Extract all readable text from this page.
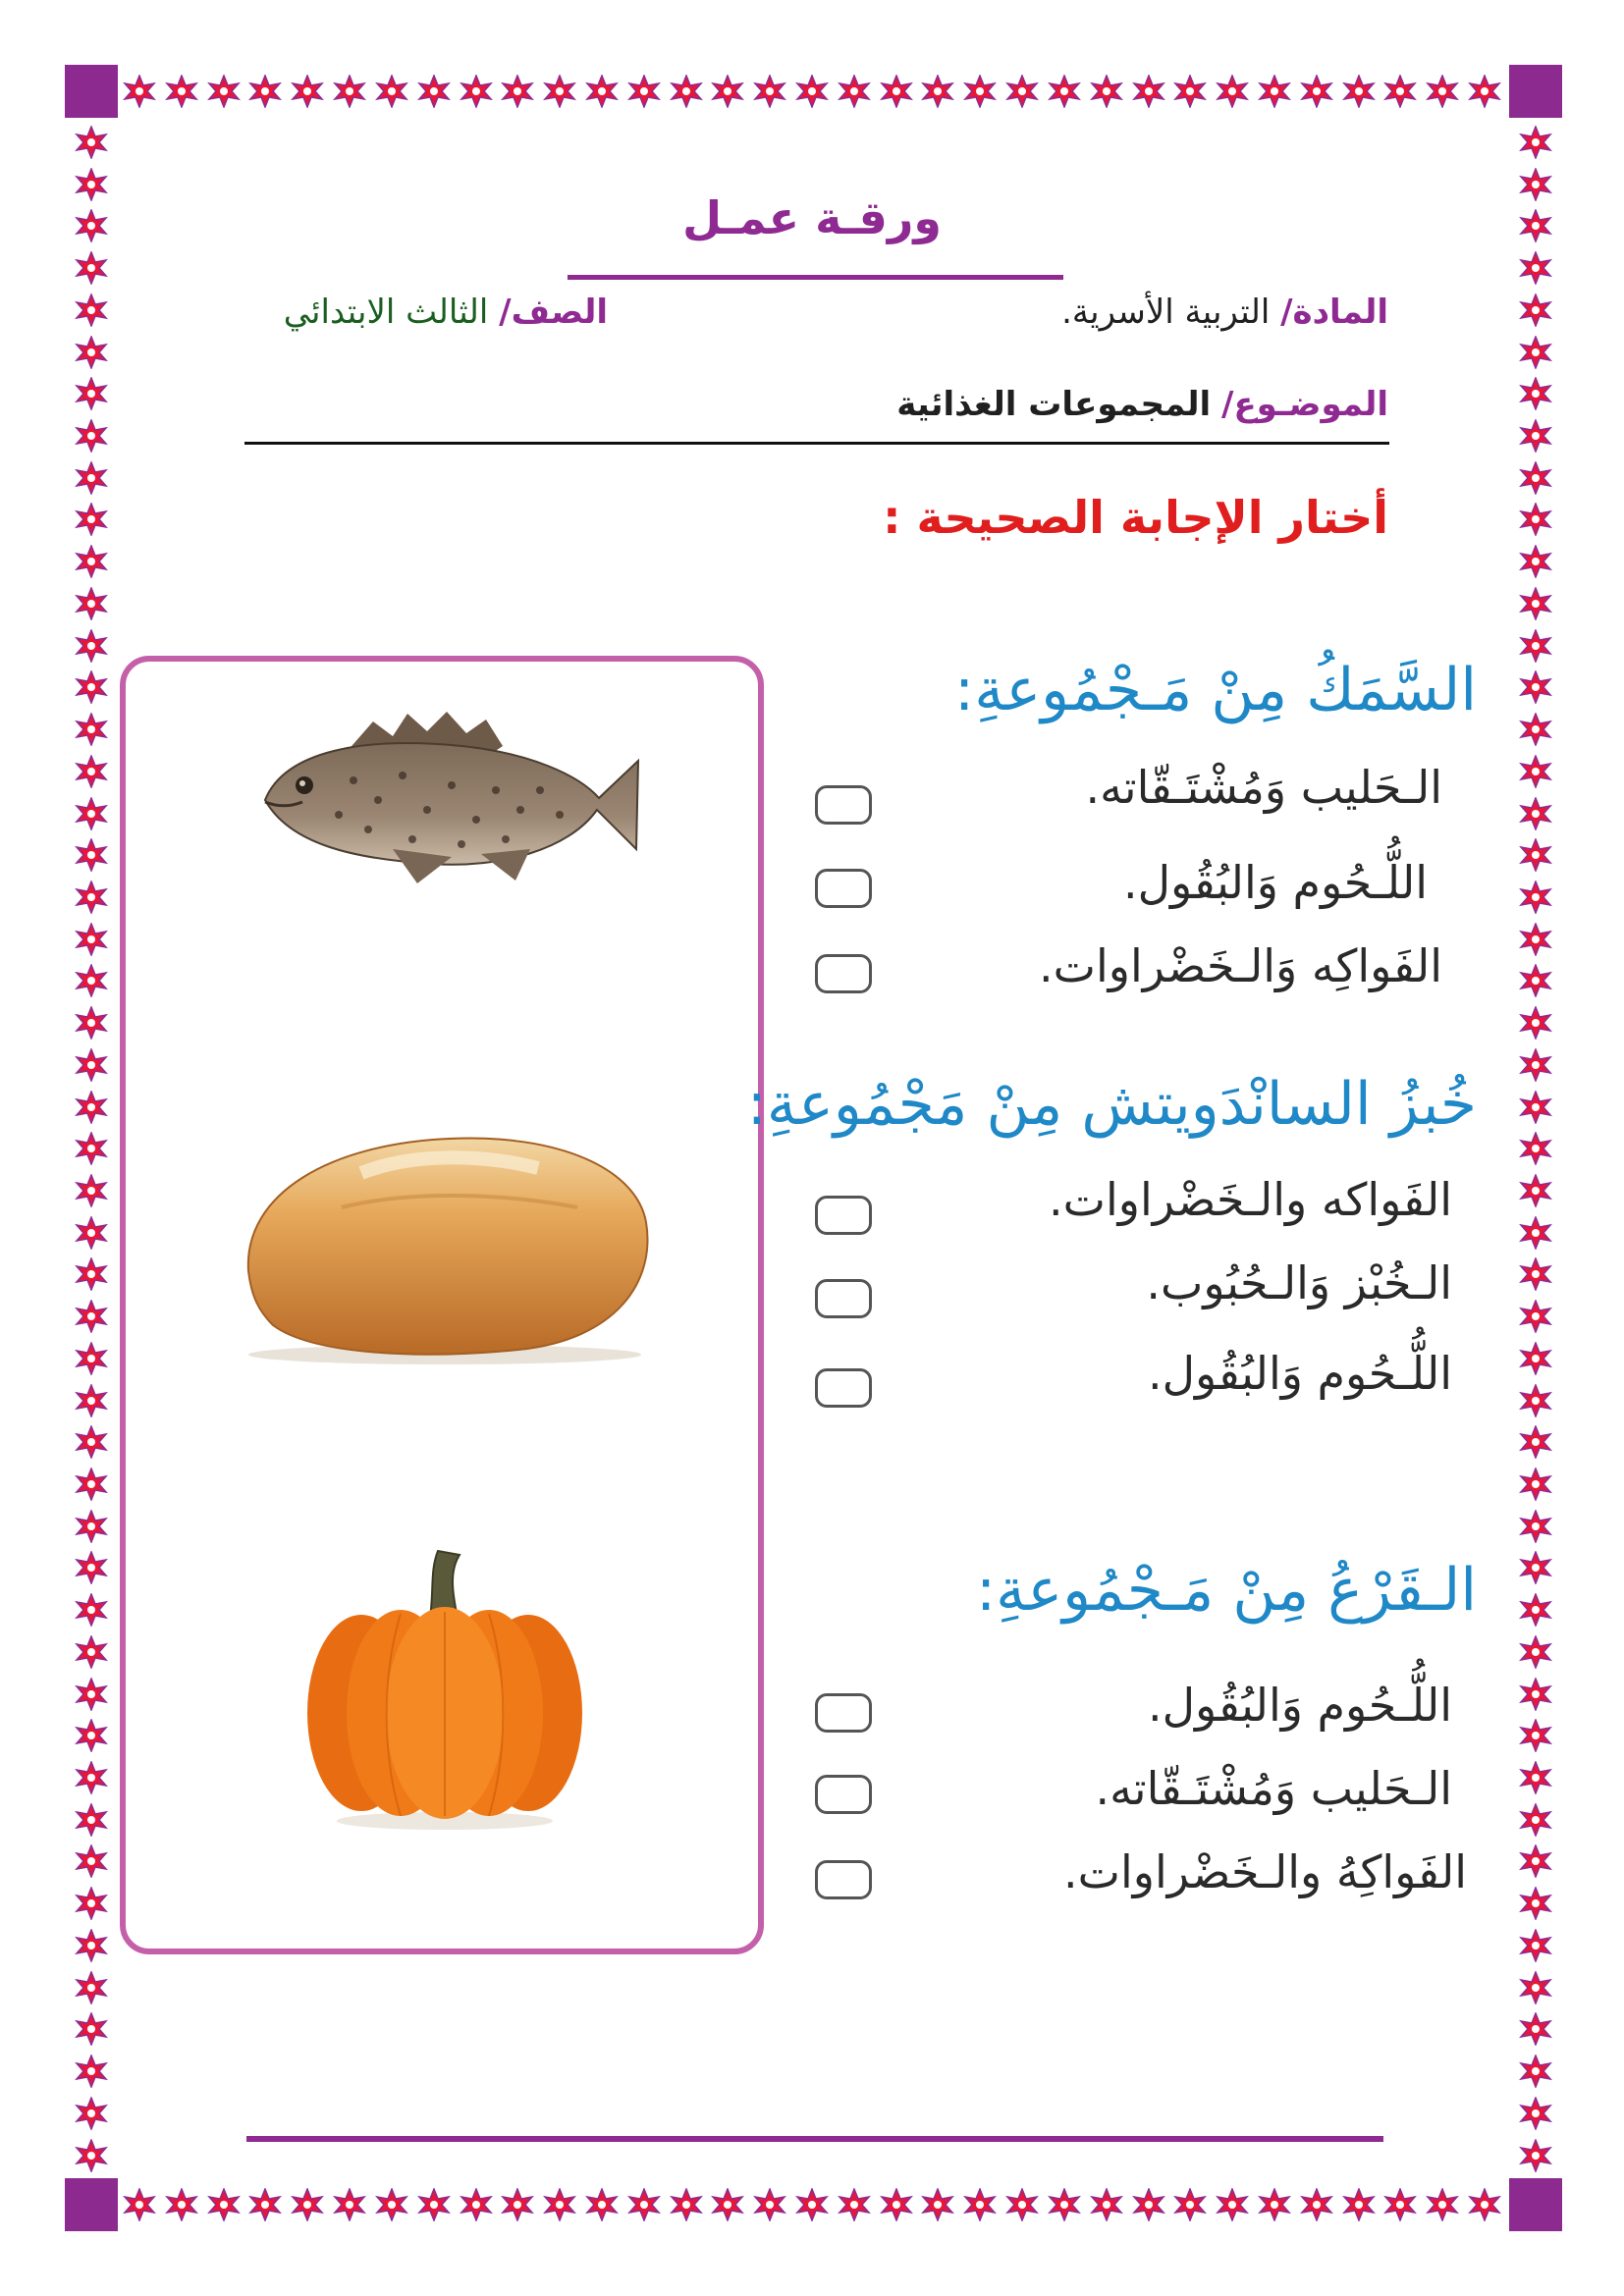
ورقـة عمـل
المادة/ التربية الأسرية.
الصف/ الثالث الابتدائي
الموضـوع/ المجموعات الغذائية
أختار الإجابة الصحيحة :
السَّمَكُ مِنْ مَـجْمُوعةِ:
الـحَليب وَمُشْتَـقّاته.
اللُّـحُوم وَالبُقُول.
الفَواكِه وَالـخَضْراوات.
خُبزُ السانْدَويتش مِنْ مَجْمُوعةِ:
الفَواكه والـخَضْراوات.
الـخُبْز وَالـحُبُوب.
اللُّـحُوم وَالبُقُول.
الـقَرْعُ مِنْ مَـجْمُوعةِ:
اللُّـحُوم وَالبُقُول.
الـحَليب وَمُشْتَـقّاته.
الفَواكِهُ والـخَضْراوات.
